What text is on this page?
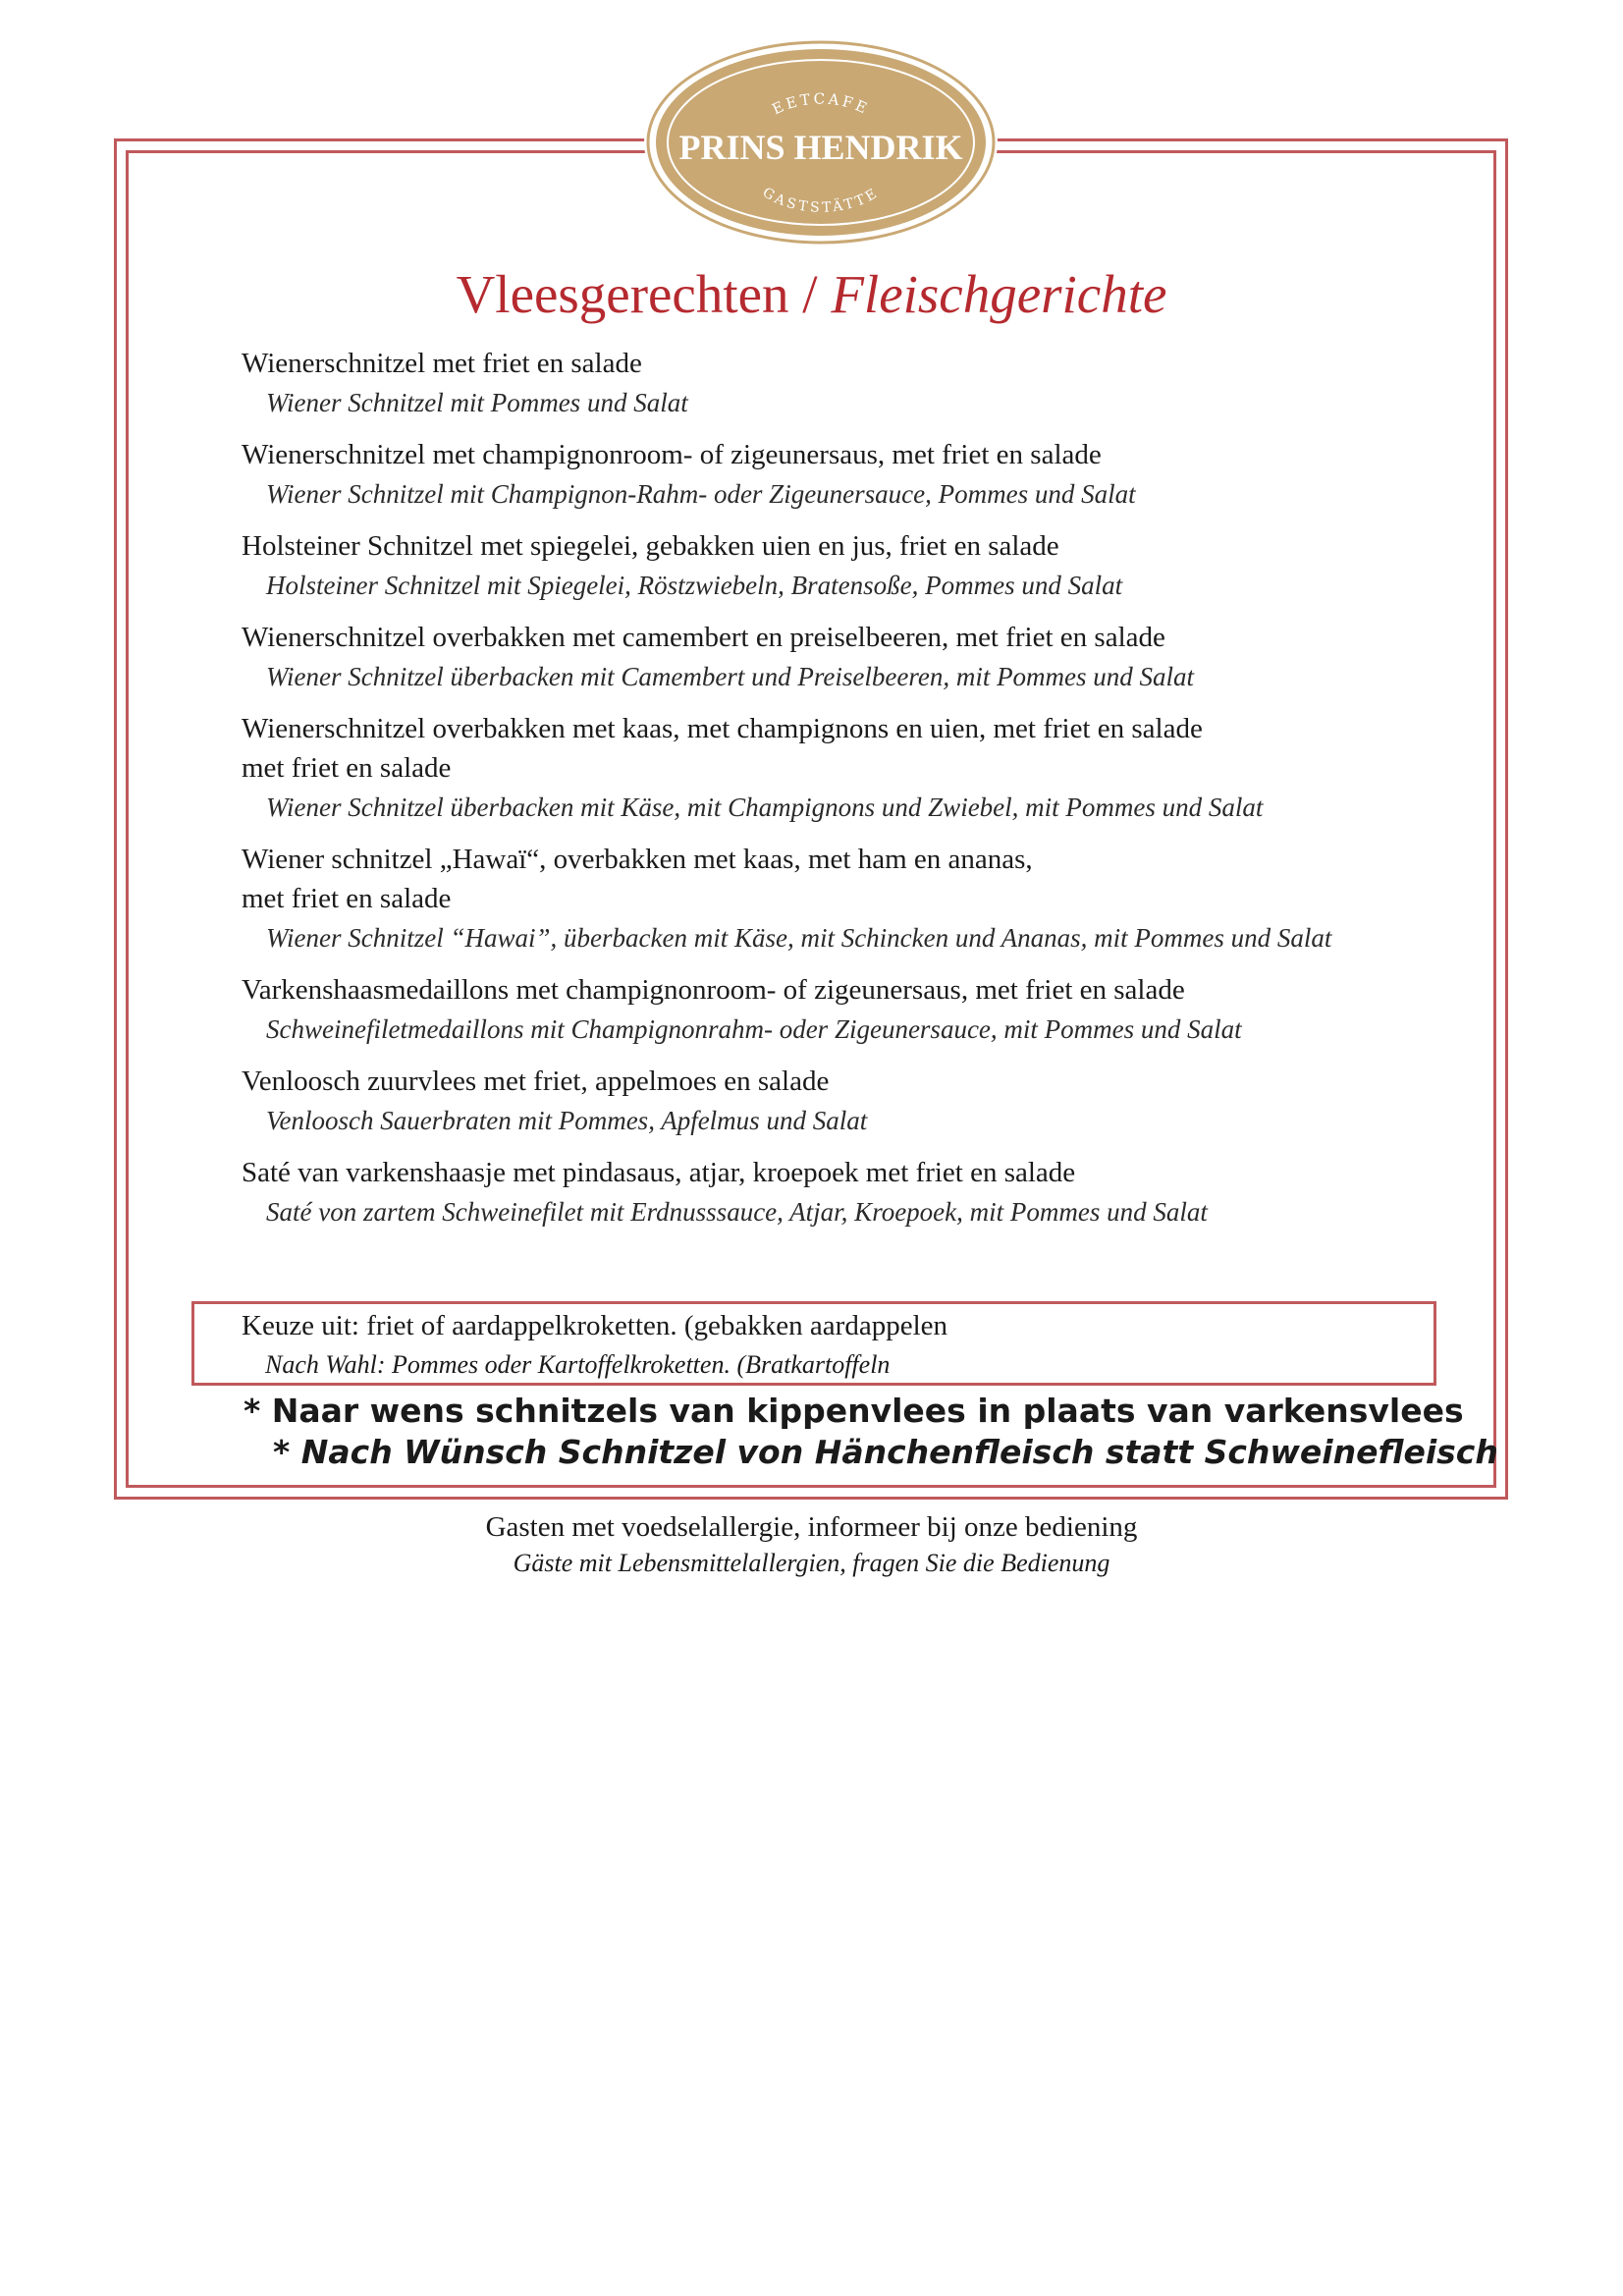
EETCAFE
PRINS HENDRIK
GASTSTÄTTE
Vleesgerechten / Fleischgerichte
Wienerschnitzel met friet en salade
Wiener Schnitzel mit Pommes und Salat
Wienerschnitzel met champignonroom- of zigeunersaus, met friet en salade
Wiener Schnitzel mit Champignon-Rahm- oder Zigeunersauce, Pommes und Salat
Holsteiner Schnitzel met spiegelei, gebakken uien en jus, friet en salade
Holsteiner Schnitzel mit Spiegelei, Röstzwiebeln, Bratensoße, Pommes und Salat
Wienerschnitzel overbakken met camembert en preiselbeeren, met friet en salade
Wiener Schnitzel überbacken mit Camembert und Preiselbeeren, mit Pommes und Salat
Wienerschnitzel overbakken met kaas, met champignons en uien, met friet en salade
met friet en salade
Wiener Schnitzel überbacken mit Käse, mit Champignons und Zwiebel, mit Pommes und Salat
Wiener schnitzel „Hawaï“, overbakken met kaas, met ham en ananas,
met friet en salade
Wiener Schnitzel “Hawai”, überbacken mit Käse, mit Schincken und Ananas, mit Pommes und Salat
Varkenshaasmedaillons met champignonroom- of zigeunersaus, met friet en salade
Schweinefiletmedaillons mit Champignonrahm- oder Zigeunersauce, mit Pommes und Salat
Venloosch zuurvlees met friet, appelmoes en salade
Venloosch Sauerbraten mit Pommes, Apfelmus und Salat
Saté van varkenshaasje met pindasaus, atjar, kroepoek met friet en salade
Saté von zartem Schweinefilet mit Erdnusssauce, Atjar, Kroepoek, mit Pommes und Salat
Keuze uit: friet of aardappelkroketten. (gebakken aardappelen
Nach Wahl: Pommes oder Kartoffelkroketten. (Bratkartoffeln
* Naar wens schnitzels van kippenvlees in plaats van varkensvlees
* Nach Wünsch Schnitzel von Hänchenfleisch statt Schweinefleisch
Gasten met voedselallergie, informeer bij onze bediening
Gäste mit Lebensmittelallergien, fragen Sie die Bedienung
